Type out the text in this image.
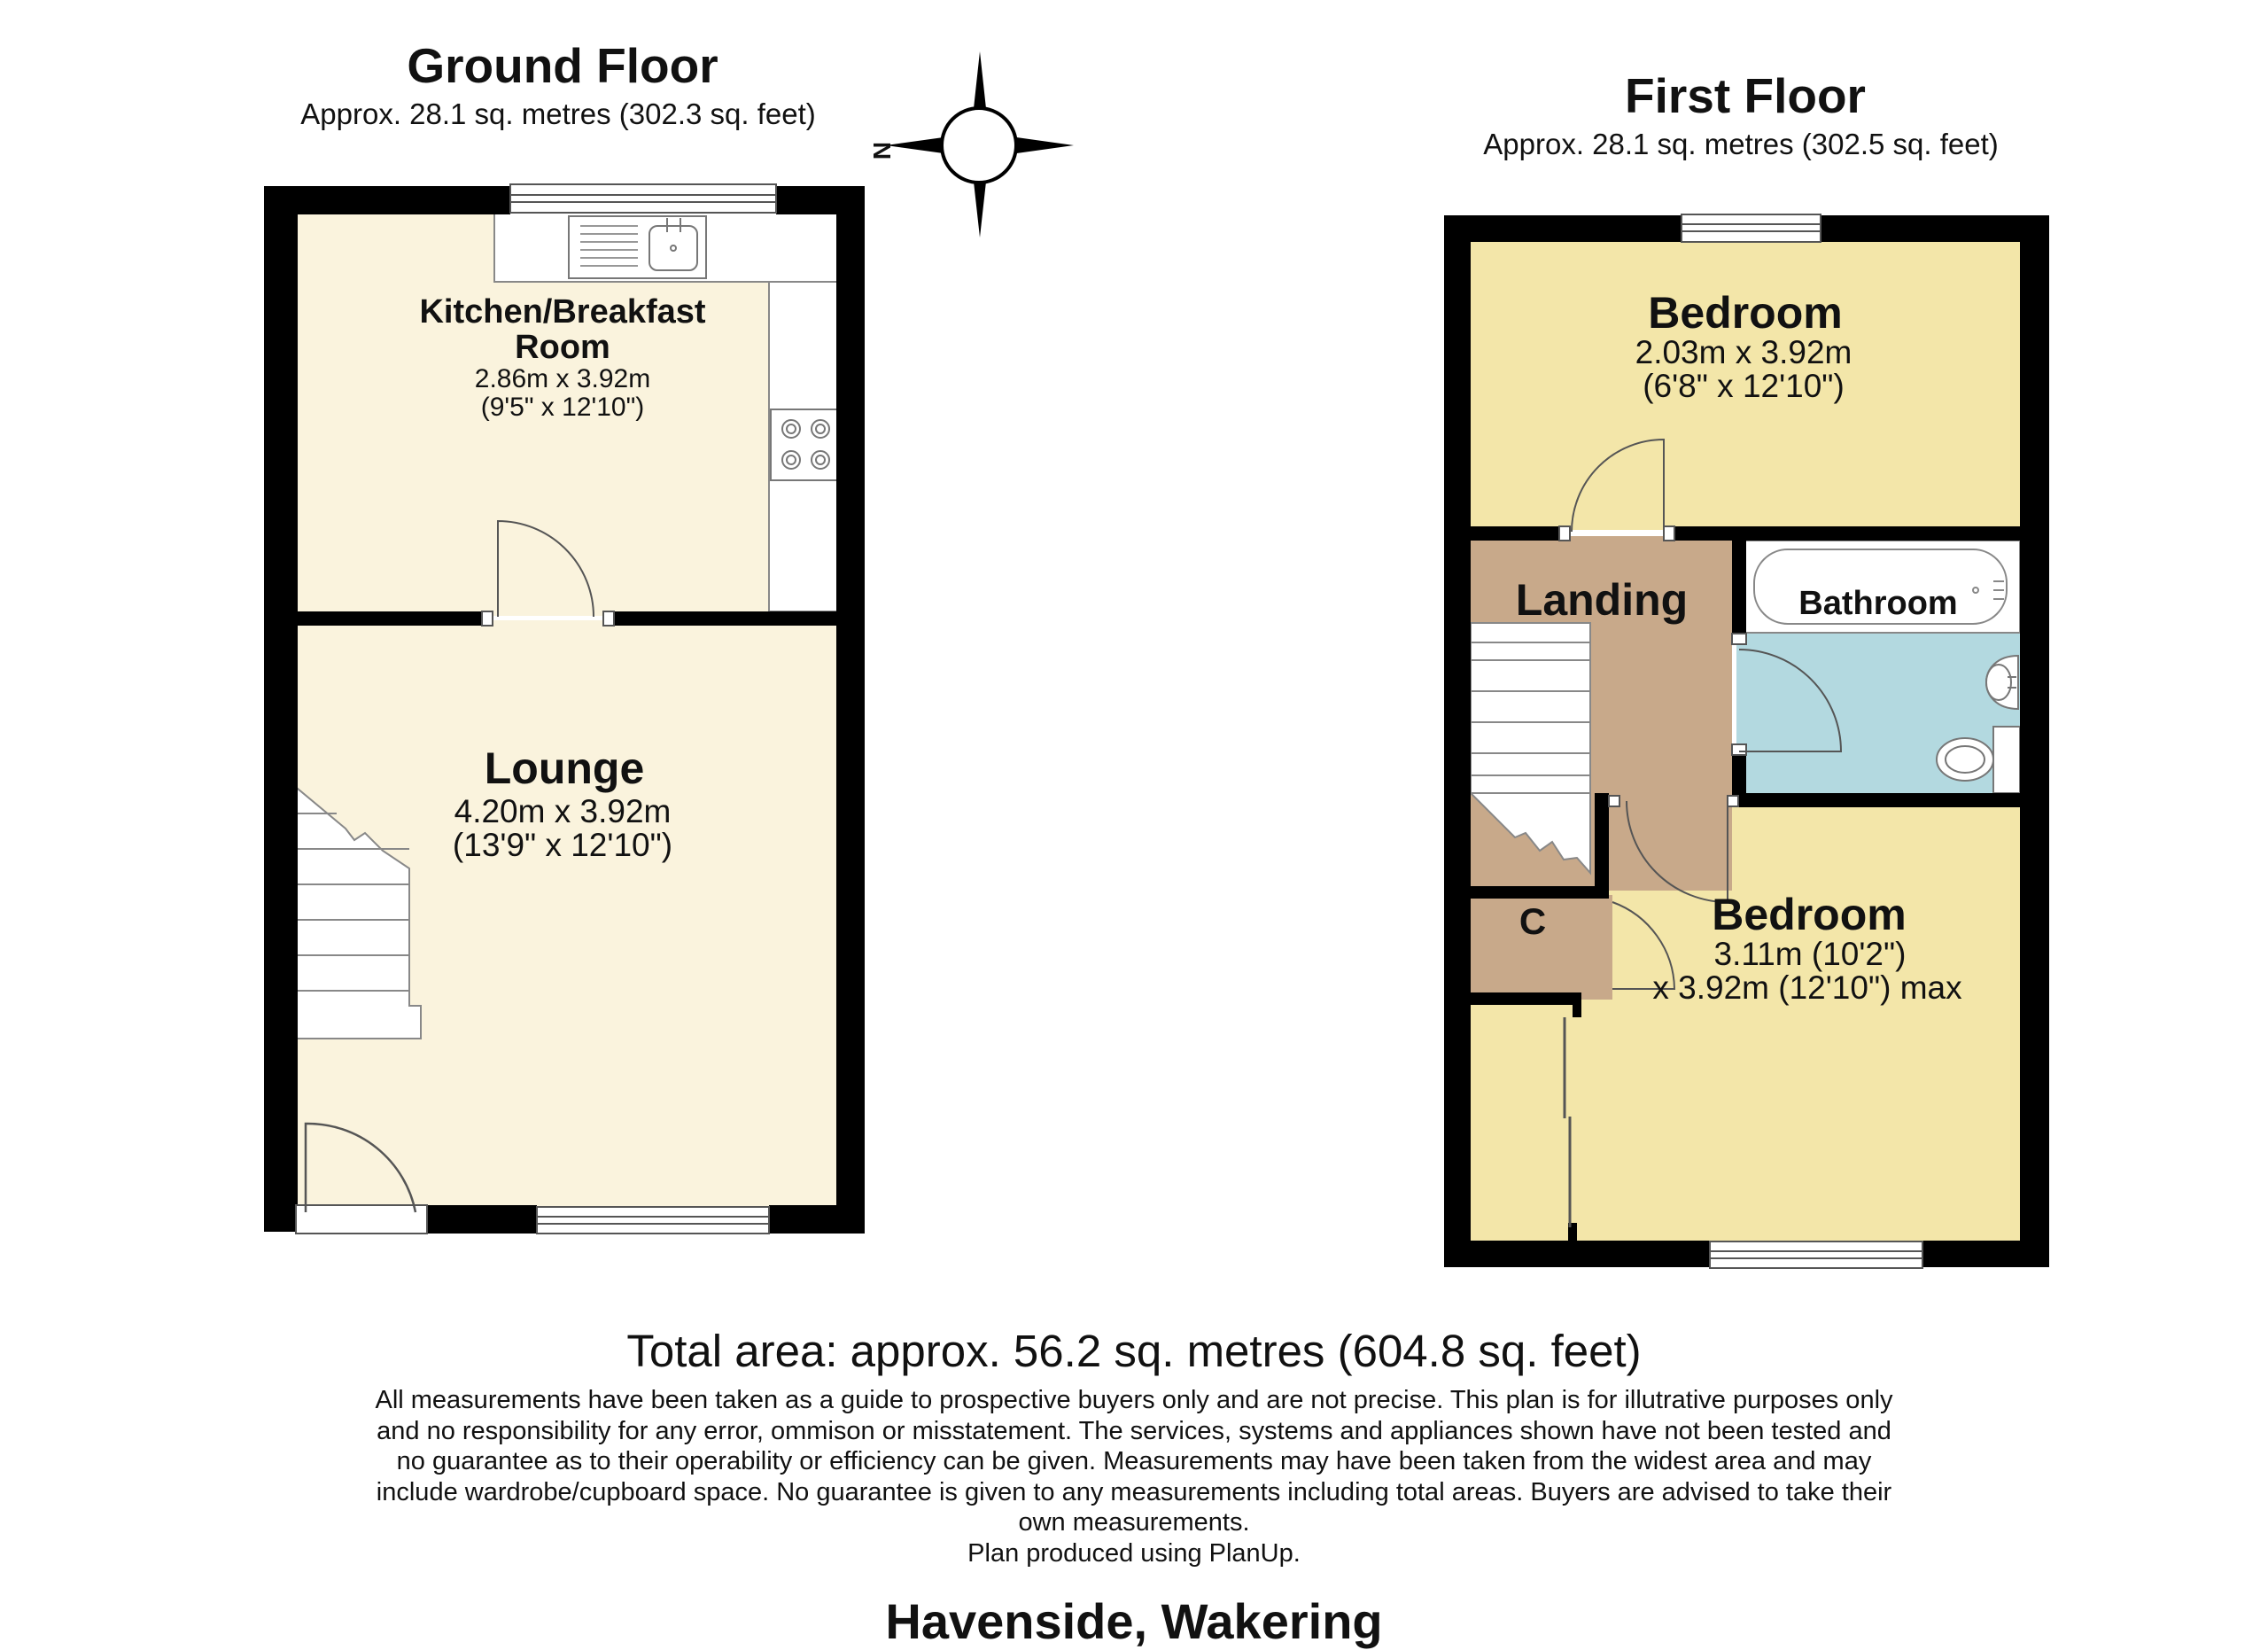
Ground Floor
Approx. 28.1 sq. metres (302.3 sq. feet)
Kitchen/Breakfast
Room
2.86m x 3.92m
(9'5" x 12'10")
Lounge
4.20m x 3.92m
(13'9" x 12'10")
N
First Floor
Approx. 28.1 sq. metres (302.5 sq. feet)
Bedroom
2.03m x 3.92m
(6'8" x 12'10")
Landing	Bathroom
C	Bedroom
3.11m (10'2")
x 3.92m (12'10") max
Total area: approx. 56.2 sq. metres (604.8 sq. feet)
All measurements have been taken as a guide to prospective buyers only and are not precise. This plan is for illutrative purposes only and no responsibility for any error, ommison or misstatement. The services, systems and appliances shown have not been tested and no guarantee as to their operability or efficiency can be given. Measurements may have been taken from the widest area and may include wardrobe/cupboard space. No guarantee is given to any measurements including total areas. Buyers are advised to take their own measurements.
Plan produced using PlanUp.
Havenside, Wakering
